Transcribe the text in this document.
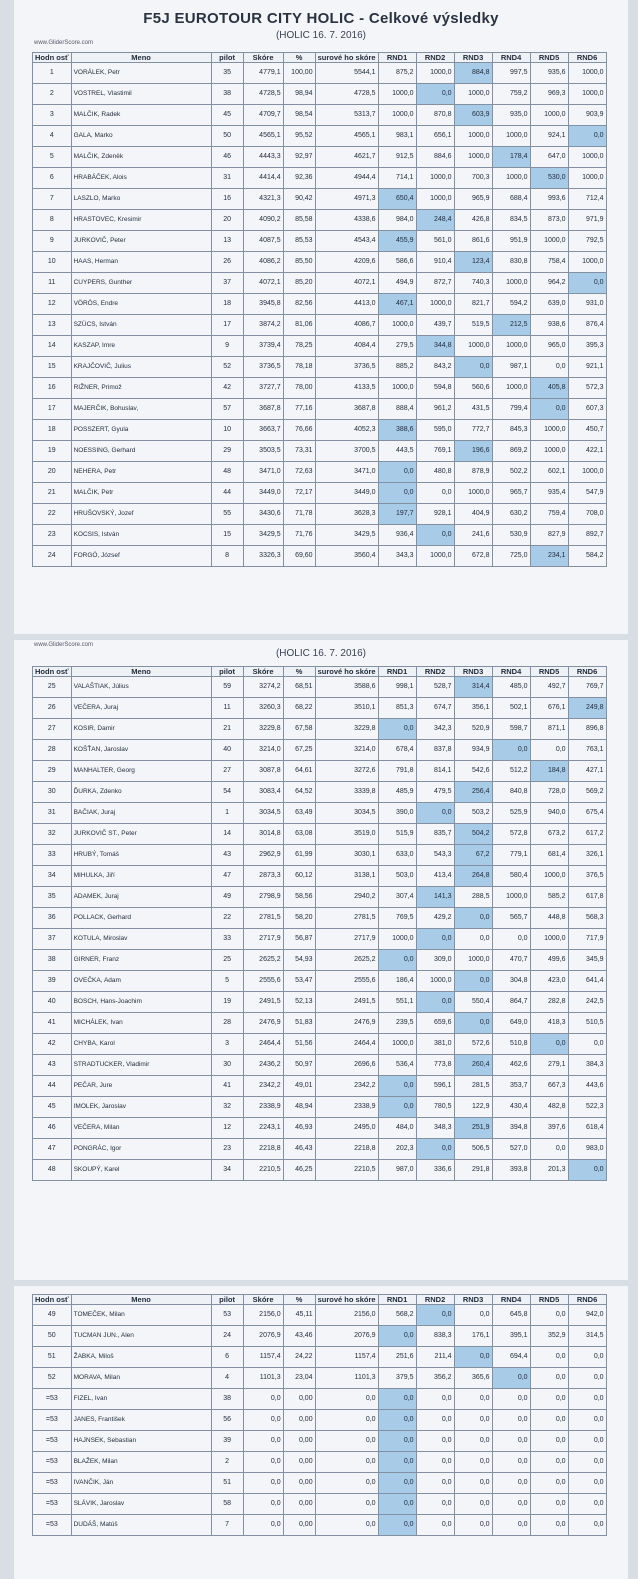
F5J EUROTOUR CITY HOLIC - Celkové výsledky
(HOLIC 16. 7. 2016)
www.GliderScore.com
Hodn osť	Meno	pilot	Skóre	%	surové ho skóre	RND1	RND2	RND3	RND4	RND5	RND6
1	VORÁLEK, Petr	35	4779,1	100,00	5544,1	875,2	1000,0	884,8	997,5	935,6	1000,0
2	VOSTREL, Vlastimil	38	4728,5	98,94	4728,5	1000,0	0,0	1000,0	759,2	969,3	1000,0
3	MALČIK, Radek	45	4709,7	98,54	5313,7	1000,0	870,8	603,9	935,0	1000,0	903,9
4	GALA, Marko	50	4565,1	95,52	4565,1	983,1	656,1	1000,0	1000,0	924,1	0,0
5	MALČIK, Zdeněk	46	4443,3	92,97	4621,7	912,5	884,6	1000,0	178,4	647,0	1000,0
6	HRABÁČEK, Alois	31	4414,4	92,36	4944,4	714,1	1000,0	700,3	1000,0	530,0	1000,0
7	LASZLO, Marko	16	4321,3	90,42	4971,3	650,4	1000,0	965,9	688,4	993,6	712,4
8	HRASTOVEC, Kresimir	20	4090,2	85,58	4338,6	984,0	248,4	426,8	834,5	873,0	971,9
9	JURKOVIČ, Peter	13	4087,5	85,53	4543,4	455,9	561,0	861,6	951,9	1000,0	792,5
10	HAAS, Herman	26	4086,2	85,50	4209,6	586,6	910,4	123,4	830,8	758,4	1000,0
11	CUYPERS, Gunther	37	4072,1	85,20	4072,1	494,9	872,7	740,3	1000,0	964,2	0,0
12	VÖRÖS, Endre	18	3945,8	82,56	4413,0	467,1	1000,0	821,7	594,2	639,0	931,0
13	SZÜCS, István	17	3874,2	81,06	4086,7	1000,0	439,7	519,5	212,5	938,6	876,4
14	KASZAP, Imre	9	3739,4	78,25	4084,4	279,5	344,8	1000,0	1000,0	965,0	395,3
15	KRAJČOVIČ, Julius	52	3736,5	78,18	3736,5	885,2	843,2	0,0	987,1	0,0	921,1
16	RIŽNER, Primož	42	3727,7	78,00	4133,5	1000,0	594,8	560,6	1000,0	405,8	572,3
17	MAJERČIK, Bohuslav,	57	3687,8	77,16	3687,8	888,4	961,2	431,5	799,4	0,0	607,3
18	POSSZERT, Gyula	10	3663,7	76,66	4052,3	388,6	595,0	772,7	845,3	1000,0	450,7
19	NOESSING, Gerhard	29	3503,5	73,31	3700,5	443,5	769,1	196,6	869,2	1000,0	422,1
20	NEHERA, Petr	48	3471,0	72,63	3471,0	0,0	480,8	878,9	502,2	602,1	1000,0
21	MALČIK, Petr	44	3449,0	72,17	3449,0	0,0	0,0	1000,0	965,7	935,4	547,9
22	HRUŠOVSKÝ, Jozef	55	3430,6	71,78	3628,3	197,7	928,1	404,9	630,2	759,4	708,0
23	KOCSIS, István	15	3429,5	71,76	3429,5	936,4	0,0	241,6	530,9	827,9	892,7
24	FORGÓ, József	8	3326,3	69,60	3560,4	343,3	1000,0	672,8	725,0	234,1	584,2
www.GliderScore.com
(HOLIC 16. 7. 2016)
Hodn osť	Meno	pilot	Skóre	%	surové ho skóre	RND1	RND2	RND3	RND4	RND5	RND6
25	VALAŠTIAK, Július	59	3274,2	68,51	3588,6	998,1	528,7	314,4	485,0	492,7	769,7
26	VEČERA, Juraj	11	3260,3	68,22	3510,1	851,3	674,7	356,1	502,1	676,1	249,8
27	KOSIR, Damir	21	3229,8	67,58	3229,8	0,0	342,3	520,9	598,7	871,1	896,8
28	KOŠŤAN, Jaroslav	40	3214,0	67,25	3214,0	678,4	837,8	934,9	0,0	0,0	763,1
29	MANHALTER, Georg	27	3087,8	64,61	3272,6	791,8	814,1	542,6	512,2	184,8	427,1
30	ĎURKA, Zdenko	54	3083,4	64,52	3339,8	485,9	479,5	256,4	840,8	728,0	569,2
31	BAČIAK, Juraj	1	3034,5	63,49	3034,5	390,0	0,0	503,2	525,9	940,0	675,4
32	JURKOVIČ ST., Peter	14	3014,8	63,08	3519,0	515,9	835,7	504,2	572,8	673,2	617,2
33	HRUBÝ, Tomáš	43	2962,9	61,99	3030,1	633,0	543,3	67,2	779,1	681,4	326,1
34	MIHULKA, Jiří	47	2873,3	60,12	3138,1	503,0	413,4	264,8	580,4	1000,0	376,5
35	ADAMEK, Juraj	49	2798,9	58,56	2940,2	307,4	141,3	288,5	1000,0	585,2	617,8
36	POLLACK, Gerhard	22	2781,5	58,20	2781,5	769,5	429,2	0,0	565,7	448,8	568,3
37	KOTULA, Miroslav	33	2717,9	56,87	2717,9	1000,0	0,0	0,0	0,0	1000,0	717,9
38	GIRNER, Franz	25	2625,2	54,93	2625,2	0,0	309,0	1000,0	470,7	499,6	345,9
39	OVEČKA, Adam	5	2555,6	53,47	2555,6	186,4	1000,0	0,0	304,8	423,0	641,4
40	BOSCH, Hans-Joachim	19	2491,5	52,13	2491,5	551,1	0,0	550,4	864,7	282,8	242,5
41	MICHÁLEK, Ivan	28	2476,9	51,83	2476,9	239,5	659,6	0,0	649,0	418,3	510,5
42	CHYBA, Karol	3	2464,4	51,56	2464,4	1000,0	381,0	572,6	510,8	0,0	0,0
43	STRADTUCKER, Vladimir	30	2436,2	50,97	2696,6	536,4	773,8	260,4	462,6	279,1	384,3
44	PEČAR, Jure	41	2342,2	49,01	2342,2	0,0	596,1	281,5	353,7	667,3	443,6
45	IMOLEK, Jaroslav	32	2338,9	48,94	2338,9	0,0	780,5	122,9	430,4	482,8	522,3
46	VEČERA, Milan	12	2243,1	46,93	2495,0	484,0	348,3	251,9	394,8	397,6	618,4
47	PONGRÁC, Igor	23	2218,8	46,43	2218,8	202,3	0,0	506,5	527,0	0,0	983,0
48	SKOUPÝ, Karel	34	2210,5	46,25	2210,5	987,0	336,6	291,8	393,8	201,3	0,0
Hodn osť	Meno	pilot	Skóre	%	surové ho skóre	RND1	RND2	RND3	RND4	RND5	RND6
49	TOMEČEK, Milan	53	2156,0	45,11	2156,0	568,2	0,0	0,0	645,8	0,0	942,0
50	TUCMAN JUN., Alen	24	2076,9	43,46	2076,9	0,0	838,3	176,1	395,1	352,9	314,5
51	ŽABKA, Miloš	6	1157,4	24,22	1157,4	251,6	211,4	0,0	694,4	0,0	0,0
52	MORAVA, Milan	4	1101,3	23,04	1101,3	379,5	356,2	365,6	0,0	0,0	0,0
=53	FIZEL, Ivan	38	0,0	0,00	0,0	0,0	0,0	0,0	0,0	0,0	0,0
=53	JANES, František	56	0,0	0,00	0,0	0,0	0,0	0,0	0,0	0,0	0,0
=53	HAJNSEK, Sebastian	39	0,0	0,00	0,0	0,0	0,0	0,0	0,0	0,0	0,0
=53	BLAŽEK, Milan	2	0,0	0,00	0,0	0,0	0,0	0,0	0,0	0,0	0,0
=53	IVANČIK, Ján	51	0,0	0,00	0,0	0,0	0,0	0,0	0,0	0,0	0,0
=53	SLÁVIK, Jaroslav	58	0,0	0,00	0,0	0,0	0,0	0,0	0,0	0,0	0,0
=53	DUDÁŠ, Matúš	7	0,0	0,00	0,0	0,0	0,0	0,0	0,0	0,0	0,0
